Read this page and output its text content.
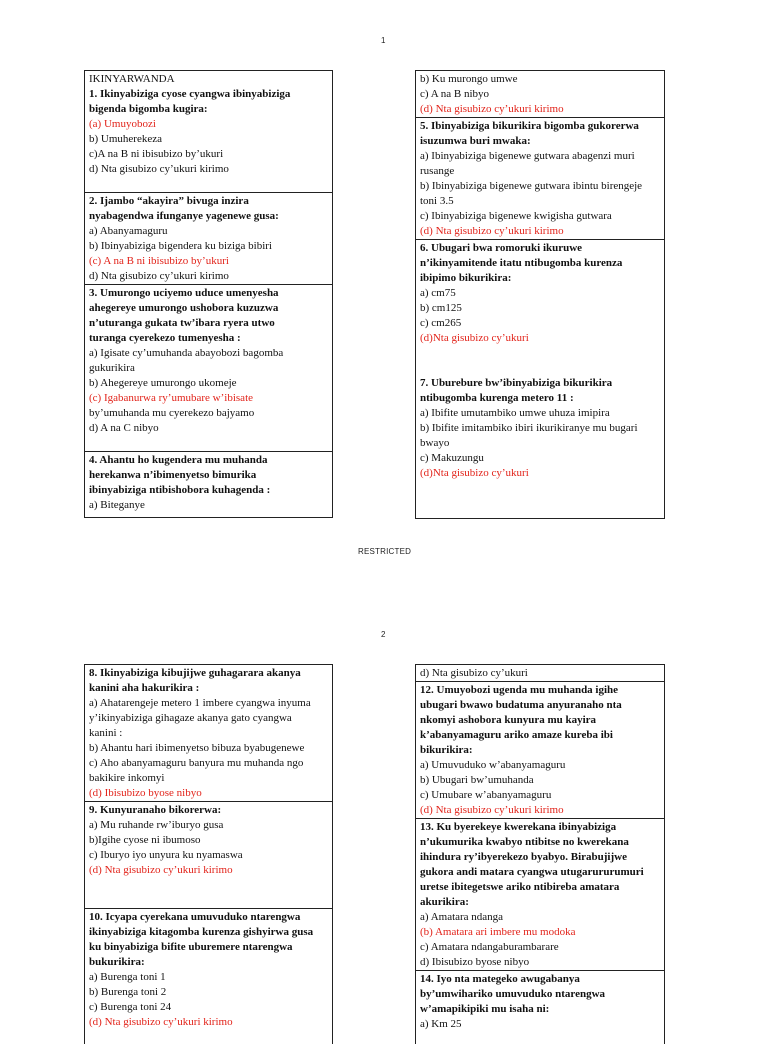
1
IKINYARWANDA
1. Ikinyabiziga cyose cyangwa ibinyabiziga
bigenda bigomba kugira:
(a) Umuyobozi
b) Umuherekeza
c)A na B ni ibisubizo by’ukuri
d) Nta gisubizo cy’ukuri kirimo
2. Ijambo “akayira” bivuga inzira
nyabagendwa ifunganye yagenewe gusa:
a) Abanyamaguru
b) Ibinyabiziga bigendera ku biziga bibiri
(c) A na B ni ibisubizo by’ukuri
d) Nta gisubizo cy’ukuri kirimo
3. Umurongo uciyemo uduce umenyesha
ahegereye umurongo ushobora kuzuzwa
n’uturanga gukata tw’ibara ryera utwo
turanga cyerekezo tumenyesha :
a) Igisate cy’umuhanda abayobozi bagomba
gukurikira
b) Ahegereye umurongo ukomeje
(c) Igabanurwa ry’umubare w’ibisate
by’umuhanda mu cyerekezo bajyamo
d) A na C nibyo
4. Ahantu ho kugendera mu muhanda
herekanwa n’ibimenyetso bimurika
ibinyabiziga ntibishobora kuhagenda :
a) Biteganye
b) Ku murongo umwe
c) A na B nibyo
(d) Nta gisubizo cy’ukuri kirimo
5. Ibinyabiziga bikurikira bigomba gukorerwa
isuzumwa buri mwaka:
a) Ibinyabiziga bigenewe gutwara abagenzi muri
rusange
b) Ibinyabiziga bigenewe gutwara ibintu birengeje
toni 3.5
c) Ibinyabiziga bigenewe kwigisha gutwara
(d) Nta gisubizo cy’ukuri kirimo
6. Ubugari bwa romoruki ikuruwe
n’ikinyamitende itatu ntibugomba kurenza
ibipimo bikurikira:
a) cm75
b) cm125
c) cm265
(d)Nta gisubizo cy’ukuri
7. Uburebure bw’ibinyabiziga bikurikira
ntibugomba kurenga metero 11 :
a) Ibifite umutambiko umwe uhuza imipira
b) Ibifite imitambiko ibiri ikurikiranye mu bugari
bwayo
c) Makuzungu
(d)Nta gisubizo cy’ukuri
RESTRICTED
2
8. Ikinyabiziga kibujijwe guhagarara akanya
kanini aha hakurikira :
a) Ahatarengeje metero 1 imbere cyangwa inyuma
y’ikinyabiziga gihagaze akanya gato cyangwa
kanini :
b) Ahantu hari ibimenyetso bibuza byabugenewe
c) Aho abanyamaguru banyura mu muhanda ngo
bakikire inkomyi
(d) Ibisubizo byose nibyo
9. Kunyuranaho bikorerwa:
a) Mu ruhande rw’iburyo gusa
b)Igihe cyose ni ibumoso
c) Iburyo iyo unyura ku nyamaswa
(d) Nta gisubizo cy’ukuri kirimo
10. Icyapa cyerekana umuvuduko ntarengwa
ikinyabiziga kitagomba kurenza gishyirwa gusa
ku binyabiziga bifite uburemere ntarengwa
bukurikira:
a) Burenga toni 1
b) Burenga toni 2
c) Burenga toni 24
(d) Nta gisubizo cy’ukuri kirimo
d) Nta gisubizo cy’ukuri
12. Umuyobozi ugenda mu muhanda igihe
ubugari bwawo budatuma anyuranaho nta
nkomyi ashobora kunyura mu kayira
k’abanyamaguru ariko amaze kureba ibi
bikurikira:
a) Umuvuduko w’abanyamaguru
b) Ubugari bw’umuhanda
c) Umubare w’abanyamaguru
(d) Nta gisubizo cy’ukuri kirimo
13. Ku byerekeye kwerekana ibinyabiziga
n’ukumurika kwabyo ntibitse no kwerekana
ihindura ry’ibyerekezo byabyo. Birabujijwe
gukora andi matara cyangwa utugarururumuri
uretse ibitegetswe ariko ntibireba amatara
akurikira:
a) Amatara ndanga
(b) Amatara ari imbere mu modoka
c) Amatara ndangaburambarare
d) Ibisubizo byose nibyo
14. Iyo nta mategeko awugabanya
by’umwihariko umuvuduko ntarengwa
w’amapikipiki mu isaha ni:
a) Km 25
